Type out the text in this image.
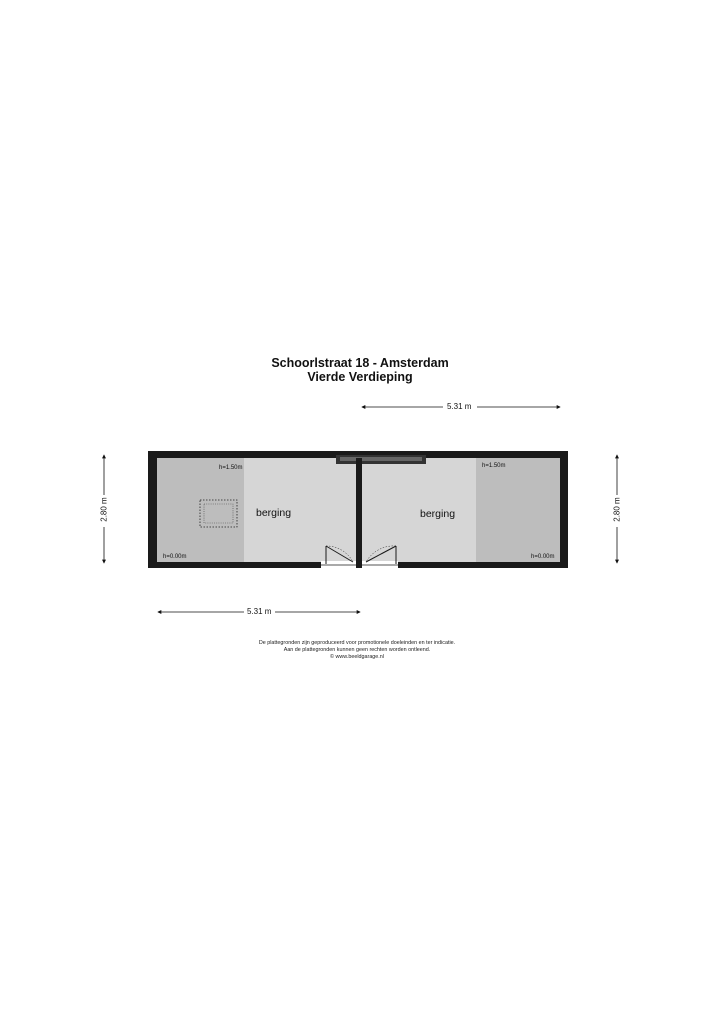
Schoorlstraat 18 - Amsterdam
Vierde Verdieping
berging	berging
h=1.50m
h=0.00m
h=1.50m
h=0.00m
5.31 m
5.31 m
2.80 m	2.80 m
De plattegronden zijn geproduceerd voor promotionele doeleinden en ter indicatie.
Aan de plattegronden kunnen geen rechten worden ontleend.
© www.beeldgarage.nl
